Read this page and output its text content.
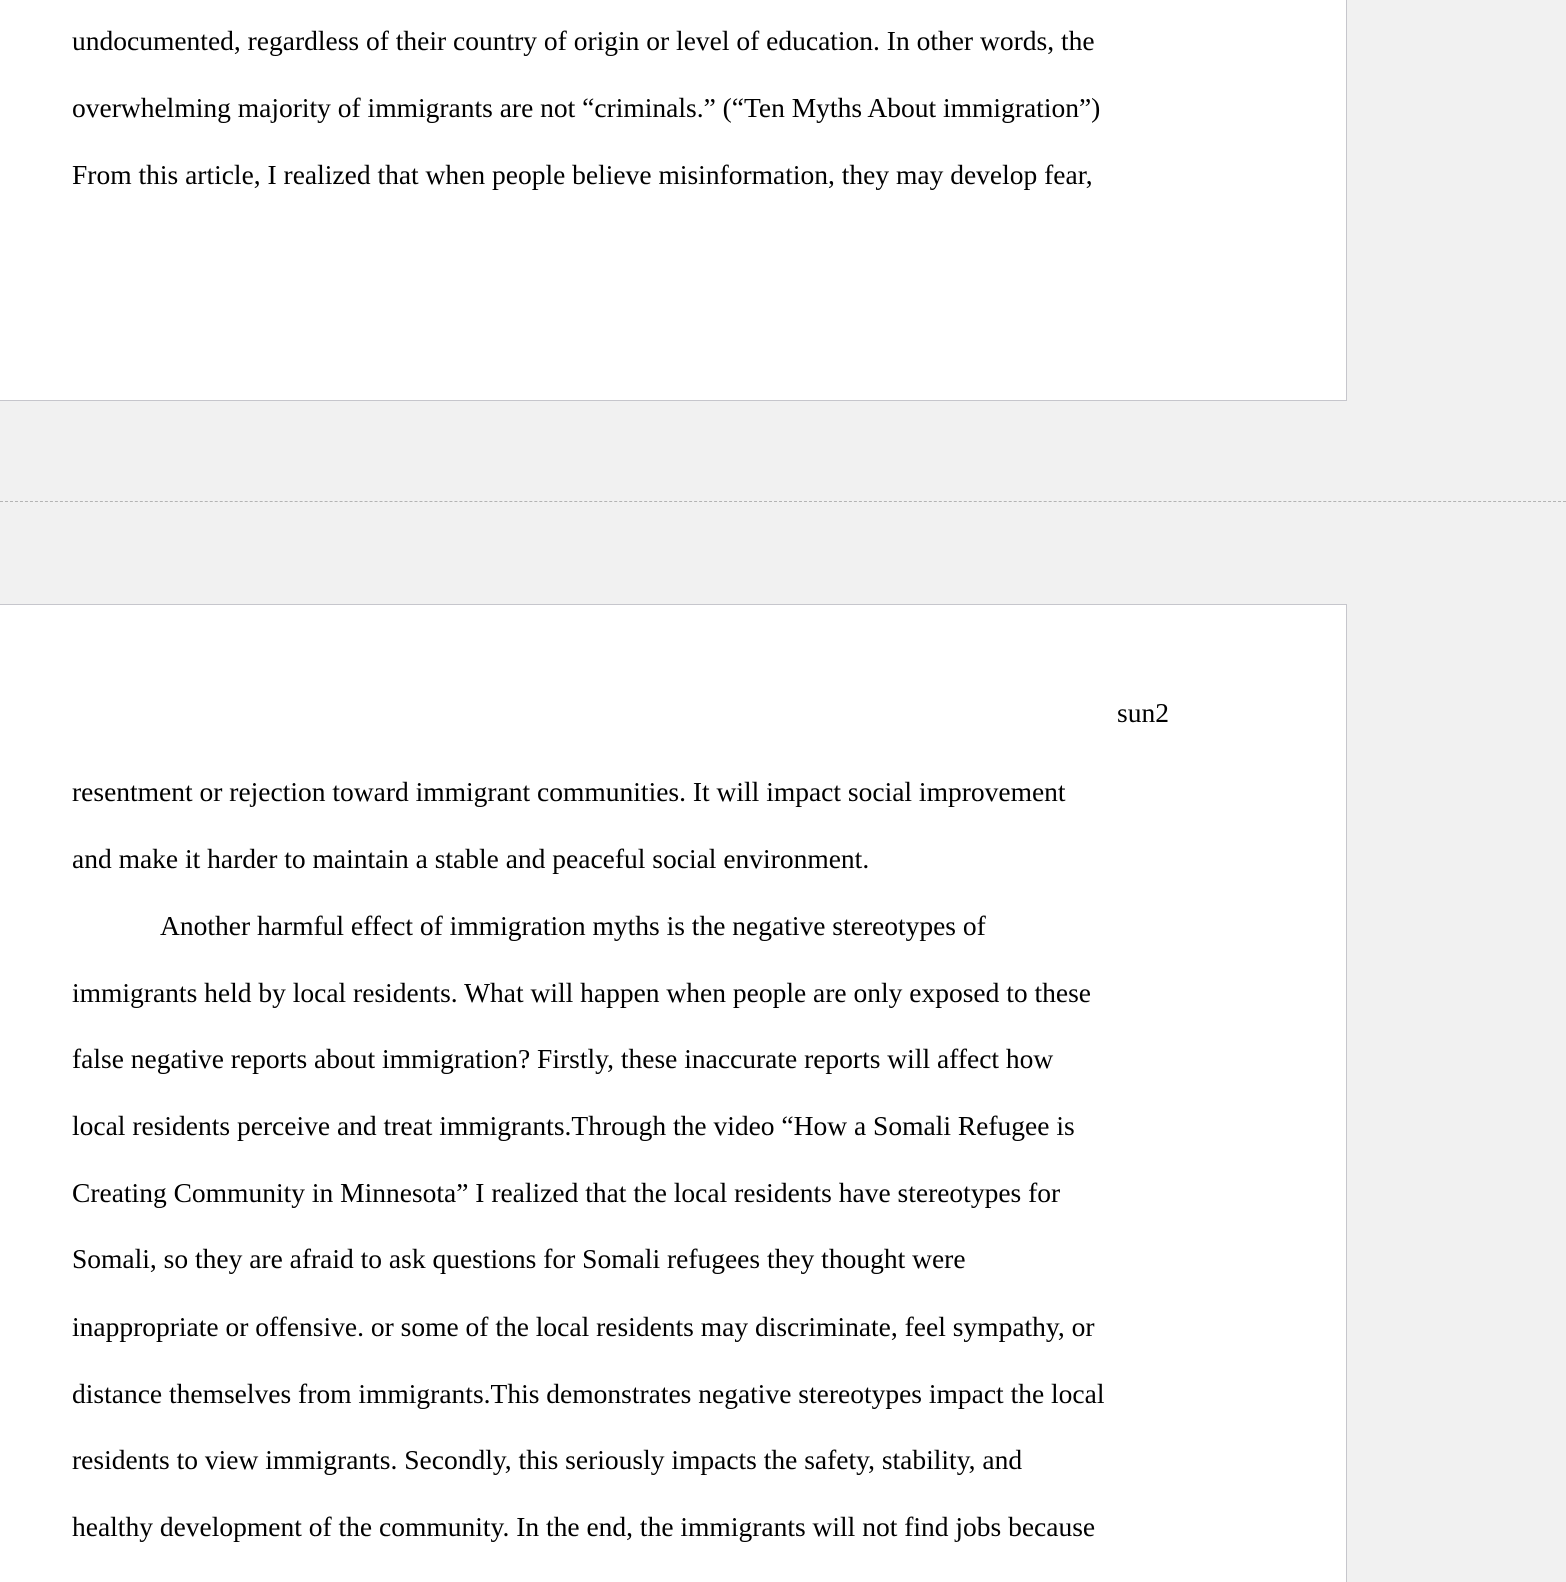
undocumented, regardless of their country of origin or level of education. In other words, the

overwhelming majority of immigrants are not “criminals.” (“Ten Myths About immigration”)

From this article, I realized that when people believe misinformation, they may develop fear,

sun2

resentment or rejection toward immigrant communities. It will impact social improvement

and make it harder to maintain a stable and peaceful social environment.

Another harmful effect of immigration myths is the negative stereotypes of

immigrants held by local residents. What will happen when people are only exposed to these

false negative reports about immigration? Firstly, these inaccurate reports will affect how

local residents perceive and treat immigrants.Through the video “How a Somali Refugee is

Creating Community in Minnesota” I realized that the local residents have stereotypes for

Somali, so they are afraid to ask questions for Somali refugees they thought were

inappropriate or offensive. or some of the local residents may discriminate, feel sympathy, or

distance themselves from immigrants.This demonstrates negative stereotypes impact the local

residents to view immigrants. Secondly, this seriously impacts the safety, stability, and

healthy development of the community. In the end, the immigrants will not find jobs because
